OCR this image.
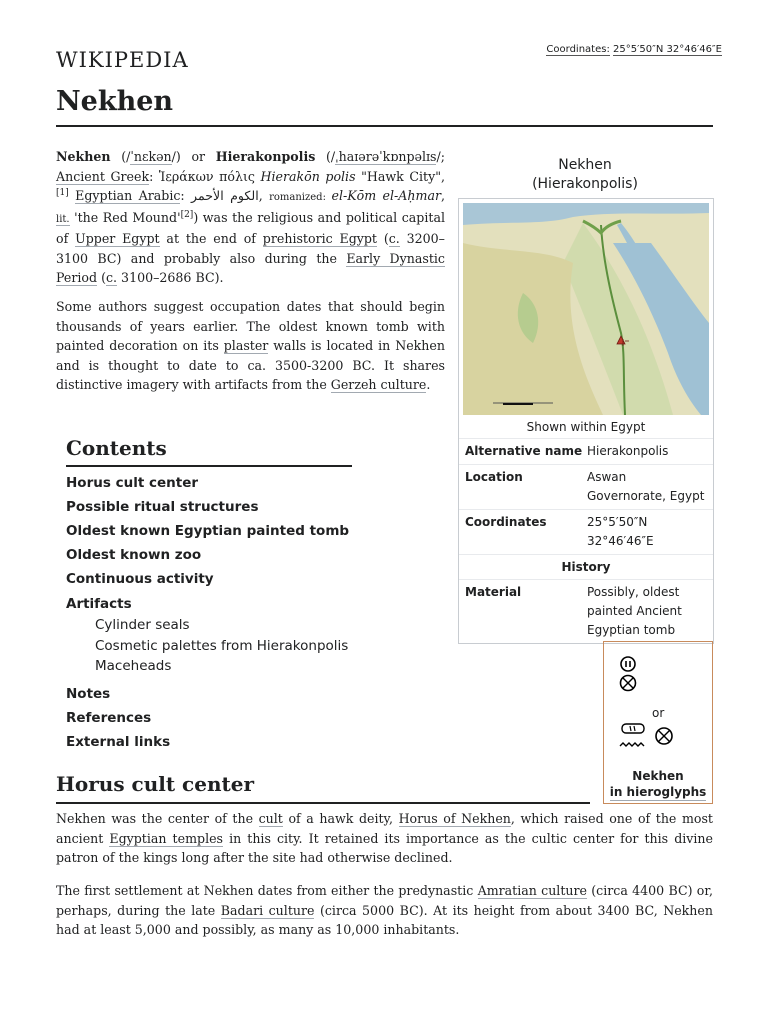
WIKIPEDIA	Coordinates: 25°5′50″N 32°46′46″E
Nekhen

Nekhen (/ˈnɛkən/) or Hierakonpolis (/ˌhaɪərəˈkɒnpəlɪs/; Ancient Greek: Ἱεράκων πόλις Hierakōn polis "Hawk City",[1] Egyptian Arabic: الكوم الأحمر, romanized: el-Kōm el-Aḥmar, lit. 'the Red Mound'[2]) was the religious and political capital of Upper Egypt at the end of prehistoric Egypt (c. 3200–3100 BC) and probably also during the Early Dynastic Period (c. 3100–2686 BC).

Some authors suggest occupation dates that should begin thousands of years earlier. The oldest known tomb with painted decoration on its plaster walls is located in Nekhen and is thought to date to ca. 3500-3200 BC. It shares distinctive imagery with artifacts from the Gerzeh culture.

Contents
Horus cult center
Possible ritual structures
Oldest known Egyptian painted tomb
Oldest known zoo
Continuous activity
Artifacts
Cylinder seals
Cosmetic palettes from Hierakonpolis
Maceheads
Notes
References
External links
Horus cult center

Nekhen was the center of the cult of a hawk deity, Horus of Nekhen, which raised one of the most ancient Egyptian temples in this city. It retained its importance as the cultic center for this divine patron of the kings long after the site had otherwise declined.

The first settlement at Nekhen dates from either the predynastic Amratian culture (circa 4400 BC) or, perhaps, during the late Badari culture (circa 5000 BC). At its height from about 3400 BC, Nekhen had at least 5,000 and possibly, as many as 10,000 inhabitants.

Nekhen
(Hierakonpolis)
Shown within Egypt
Alternative name Hierakonpolis
Location	Aswan Governorate, Egypt
Coordinates	25°5′50″N 32°46′46″E
History
Material	Possibly, oldest painted Ancient Egyptian tomb
or
Nekhen
in hieroglyphs
